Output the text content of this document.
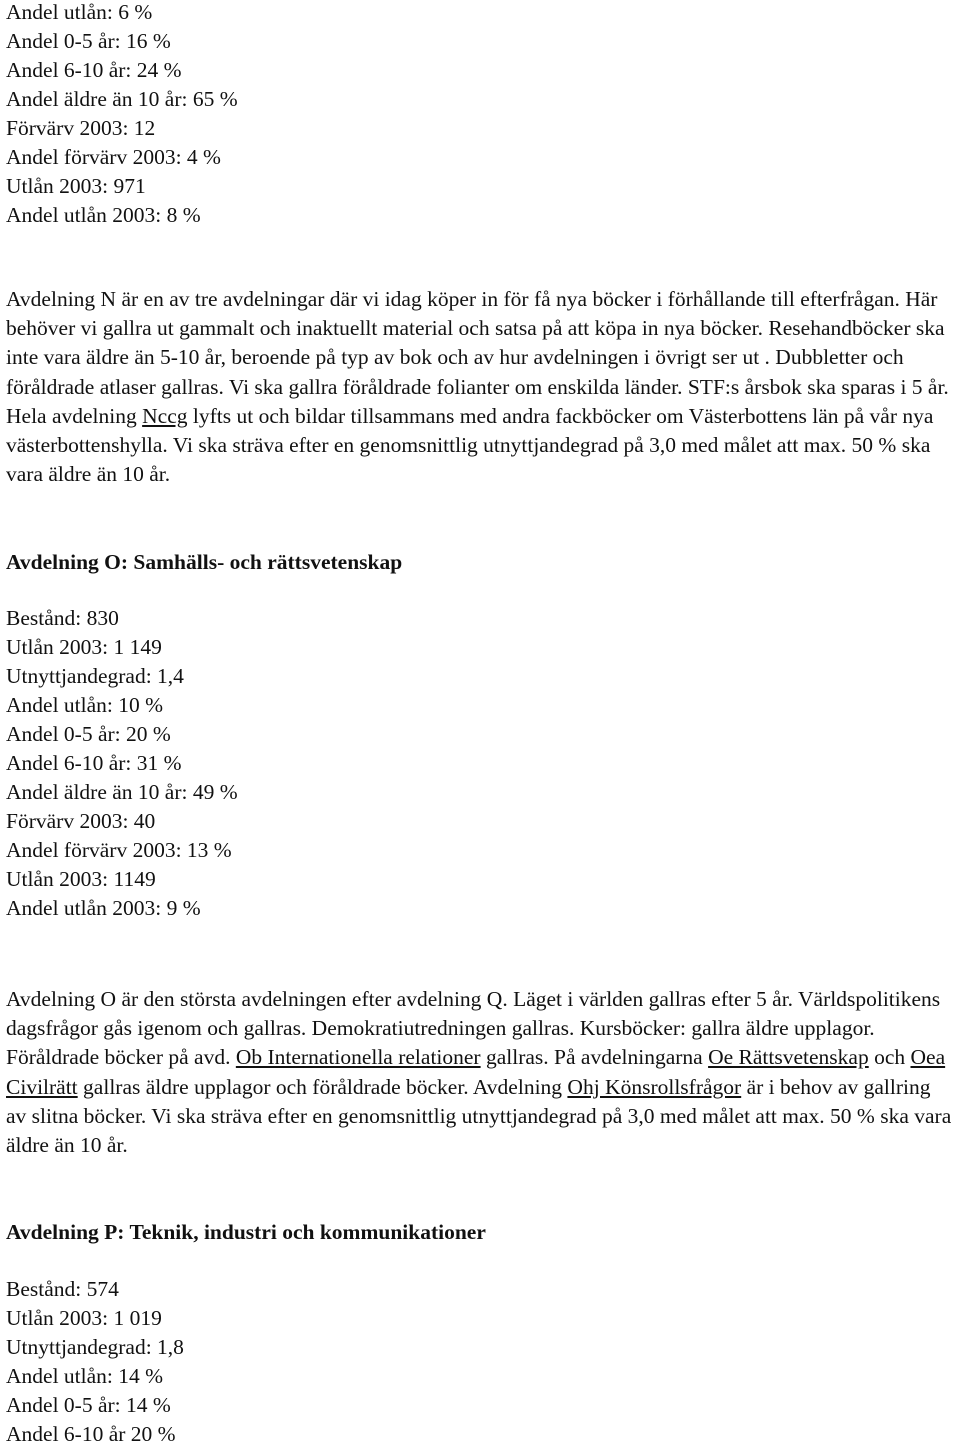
Andel utlån: 6 %
Andel 0-5 år: 16 %
Andel 6-10 år: 24 %
Andel äldre än 10 år: 65 %
Förvärv 2003: 12
Andel förvärv 2003: 4 %
Utlån 2003: 971
Andel utlån 2003: 8 %
Avdelning N är en av tre avdelningar där vi idag köper in för få nya böcker i förhållande till efterfrågan. Här behöver vi gallra ut gammalt och inaktuellt material och satsa på att köpa in nya böcker. Resehandböcker ska inte vara äldre än 5-10 år, beroende på typ av bok och av hur avdelningen i övrigt ser ut . Dubbletter och föråldrade atlaser gallras. Vi ska gallra föråldrade folianter om enskilda länder. STF:s årsbok ska sparas i 5 år. Hela avdelning Nccg lyfts ut och bildar tillsammans med andra fackböcker om Västerbottens län på vår nya västerbottenshylla. Vi ska sträva efter en genomsnittlig utnyttjandegrad på 3,0 med målet att max. 50 % ska vara äldre än 10 år.
Avdelning O: Samhälls- och rättsvetenskap
Bestånd: 830
Utlån 2003: 1 149
Utnyttjandegrad: 1,4
Andel utlån: 10 %
Andel 0-5 år: 20 %
Andel 6-10 år: 31 %
Andel äldre än 10 år: 49 %
Förvärv 2003: 40
Andel förvärv 2003: 13 %
Utlån 2003: 1149
Andel utlån 2003: 9 %
Avdelning O är den största avdelningen efter avdelning Q. Läget i världen gallras efter 5 år. Världspolitikens dagsfrågor gås igenom och gallras. Demokratiutredningen gallras. Kursböcker: gallra äldre upplagor. Föråldrade böcker på avd. Ob Internationella relationer gallras. På avdelningarna Oe Rättsvetenskap och Oea Civilrätt gallras äldre upplagor och föråldrade böcker. Avdelning Ohj Könsrollsfrågor är i behov av gallring av slitna böcker. Vi ska sträva efter en genomsnittlig utnyttjandegrad på 3,0 med målet att max. 50 % ska vara äldre än 10 år.
Avdelning P: Teknik, industri och kommunikationer
Bestånd: 574
Utlån 2003: 1 019
Utnyttjandegrad: 1,8
Andel utlån: 14 %
Andel 0-5 år: 14 %
Andel 6-10 år 20 %
